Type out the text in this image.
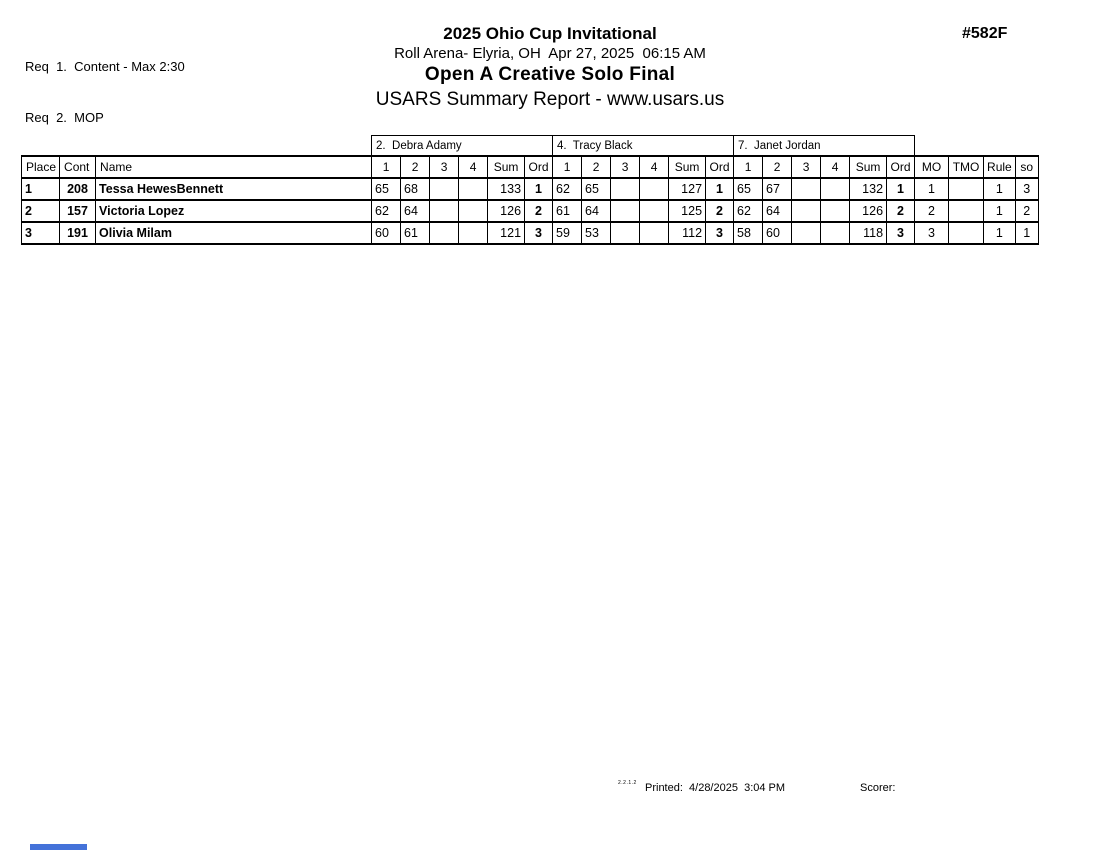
Req  1.  Content - Max 2:30

Req  2.  MOP

2025 Ohio Cup Invitational
Roll Arena- Elyria, OH  Apr 27, 2025  06:15 AM
Open A Creative Solo Final
USARS Summary Report - www.usars.us
#582F
			2.  Debra Adamy						4.  Tracy Black						7.  Janet Jordan									
Place	Cont	Name	1	2	3	4	Sum	Ord	1	2	3	4	Sum	Ord	1	2	3	4	Sum	Ord	MO	TMO	Rule	so
1	208	Tessa HewesBennett	65	68			133	1	62	65			127	1	65	67			132	1	1		1	3
2	157	Victoria Lopez	62	64			126	2	61	64			125	2	62	64			126	2	2		1	2
3	191	Olivia Milam	60	61			121	3	59	53			112	3	58	60			118	3	3		1	1
2.2.1.2 Printed:  4/28/2025  3:04 PM	Scorer:
